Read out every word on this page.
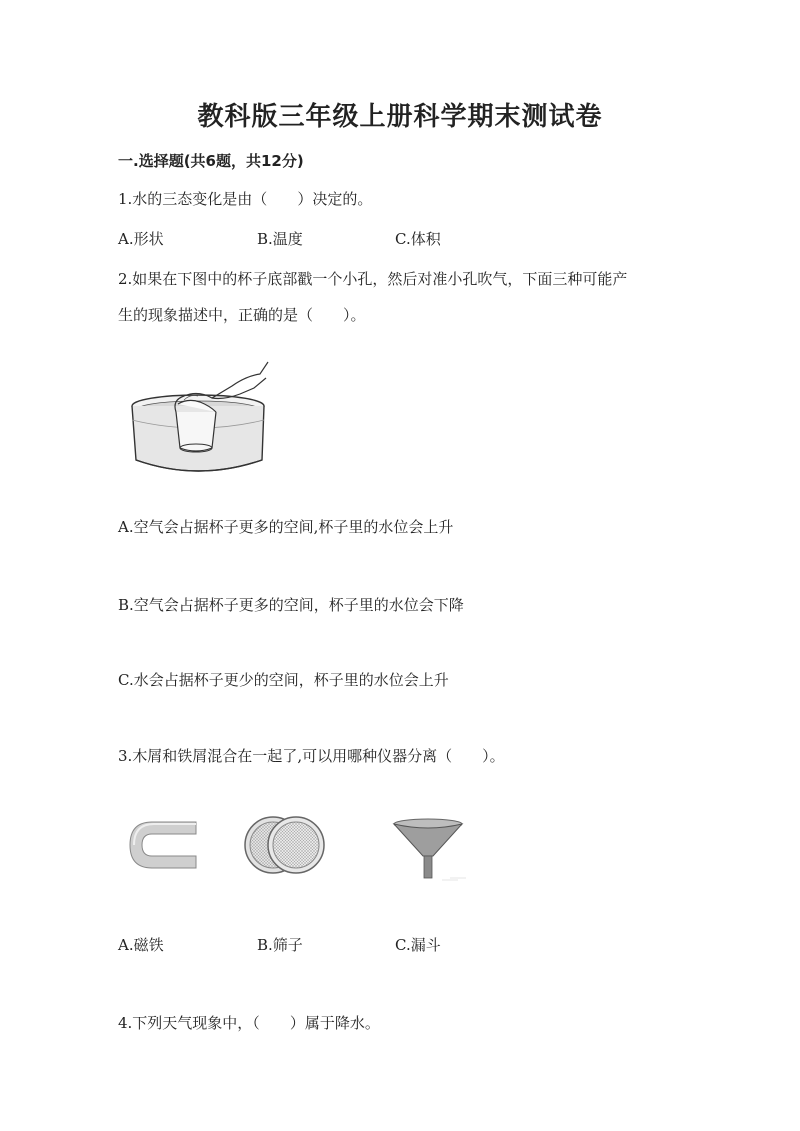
教科版三年级上册科学期末测试卷
一.选择题(共6题，共12分)
1.水的三态变化是由（　　）决定的。
A.形状	B.温度	C.体积
2.如果在下图中的杯子底部戳一个小孔，然后对准小孔吹气，下面三种可能产
生的现象描述中，正确的是（　　）。
A.空气会占据杯子更多的空间,杯子里的水位会上升
B.空气会占据杯子更多的空间，杯子里的水位会下降
C.水会占据杯子更少的空间，杯子里的水位会上升
3.木屑和铁屑混合在一起了,可以用哪种仪器分离（　　）。
A.磁铁	B.筛子	C.漏斗
4.下列天气现象中，（　　）属于降水。
